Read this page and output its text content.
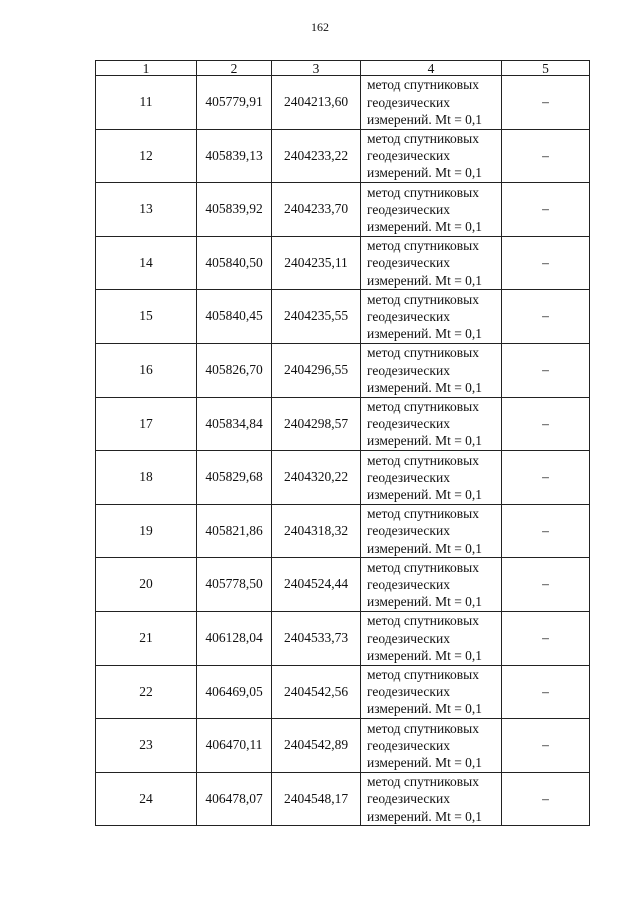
162
1	2	3	4	5
11	405779,91	2404213,60	метод спутниковых
геодезических
измерений. Mt = 0,1	–
12	405839,13	2404233,22	метод спутниковых
геодезических
измерений. Mt = 0,1	–
13	405839,92	2404233,70	метод спутниковых
геодезических
измерений. Mt = 0,1	–
14	405840,50	2404235,11	метод спутниковых
геодезических
измерений. Mt = 0,1	–
15	405840,45	2404235,55	метод спутниковых
геодезических
измерений. Mt = 0,1	–
16	405826,70	2404296,55	метод спутниковых
геодезических
измерений. Mt = 0,1	–
17	405834,84	2404298,57	метод спутниковых
геодезических
измерений. Mt = 0,1	–
18	405829,68	2404320,22	метод спутниковых
геодезических
измерений. Mt = 0,1	–
19	405821,86	2404318,32	метод спутниковых
геодезических
измерений. Mt = 0,1	–
20	405778,50	2404524,44	метод спутниковых
геодезических
измерений. Mt = 0,1	–
21	406128,04	2404533,73	метод спутниковых
геодезических
измерений. Mt = 0,1	–
22	406469,05	2404542,56	метод спутниковых
геодезических
измерений. Mt = 0,1	–
23	406470,11	2404542,89	метод спутниковых
геодезических
измерений. Mt = 0,1	–
24	406478,07	2404548,17	метод спутниковых
геодезических
измерений. Mt = 0,1	–
